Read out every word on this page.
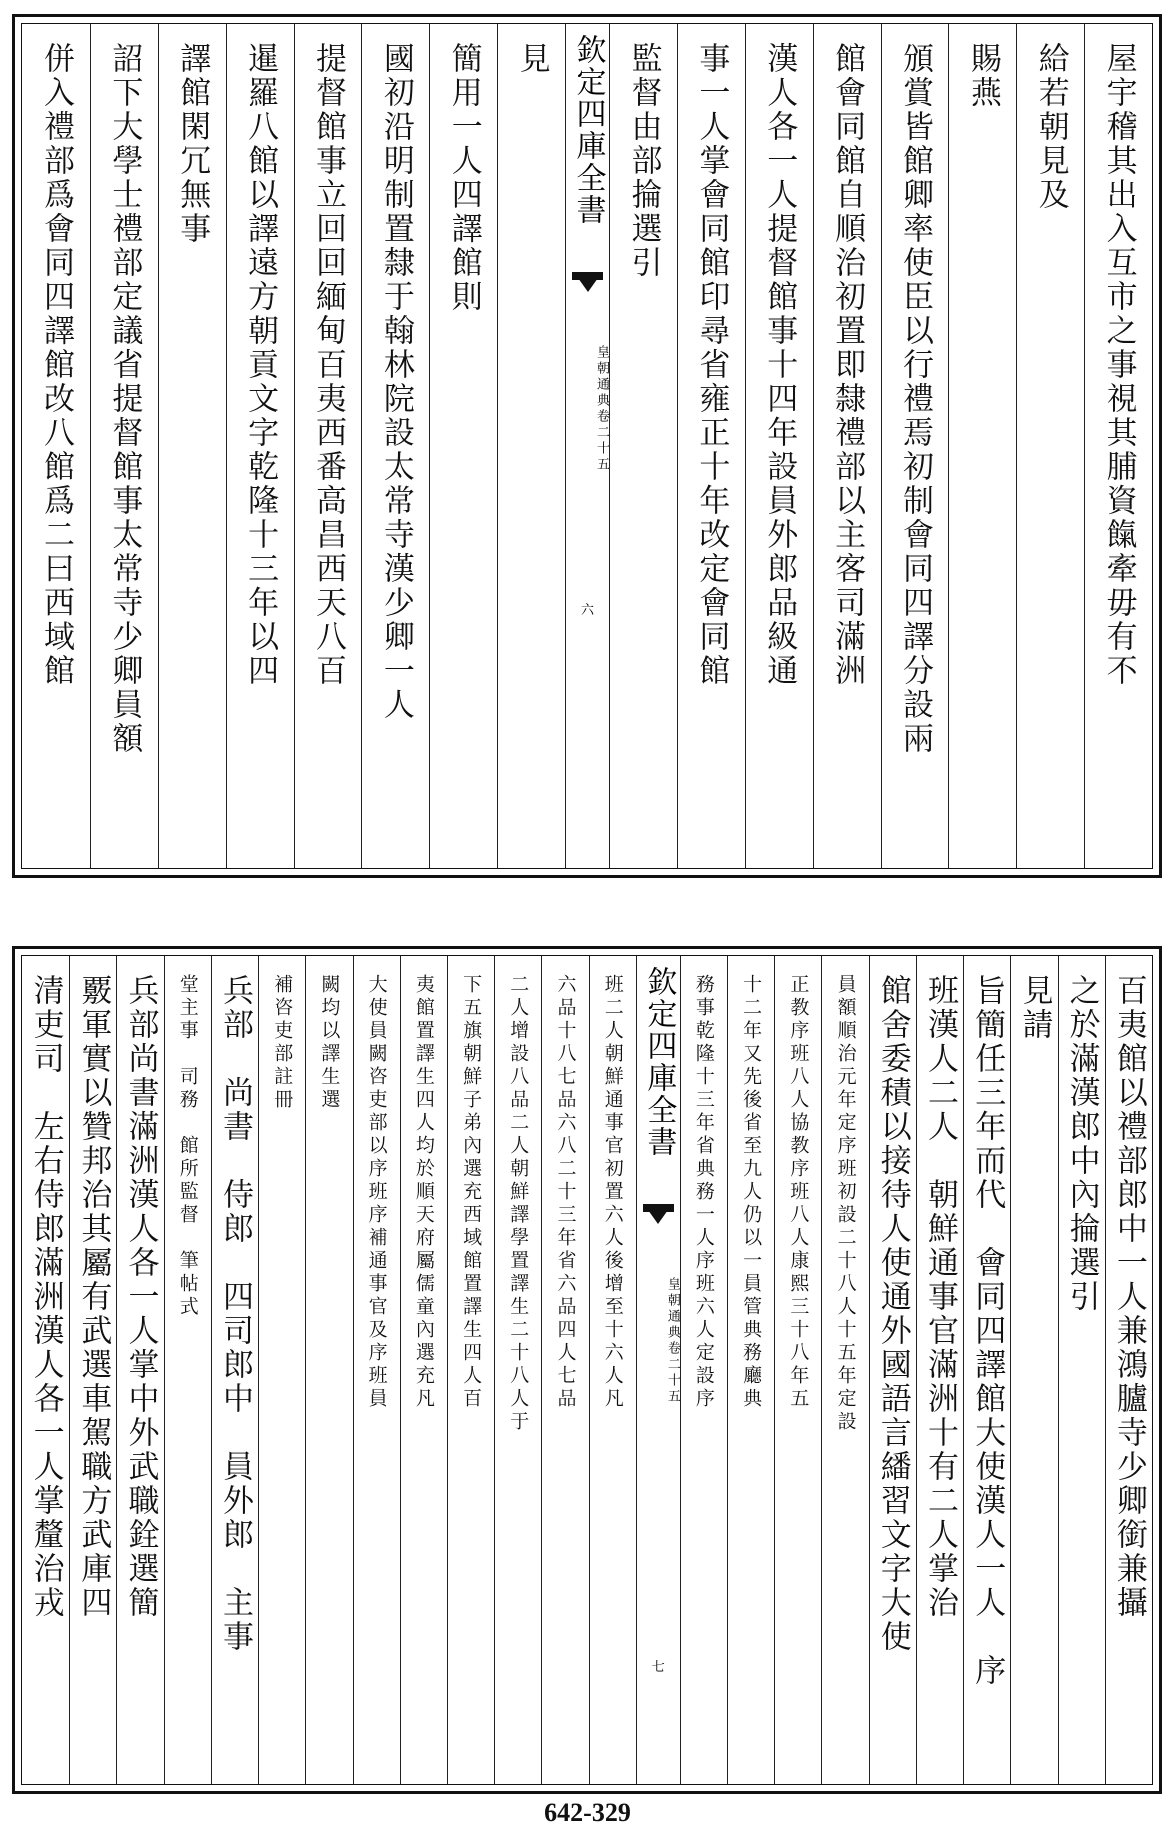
併入禮部爲會同四譯館改八館爲二曰西域館 詔下大學士禮部定議省提督館事太常寺少卿員額 譯館閑冗無事 暹羅八館以譯遠方朝貢文字乾隆十三年以四 提督館事立回回緬甸百夷西番高昌西天八百 國初沿明制置隸于翰林院設太常寺漢少卿一人 簡用一人四譯館則 見 欽定四庫全書
皇朝通典
卷二十五
六
監督由部掄選引 事一人掌會同館印尋省雍正十年改定會同館 漢人各一人提督館事十四年設員外郎品級通 館會同館自順治初置即隸禮部以主客司滿洲 頒賞皆館卿率使臣以行禮焉初制會同四譯分設兩 賜燕 給若朝見及 屋宇稽其出入互市之事視其脯資餼牽毋有不
清吏司　左右侍郎滿洲漢人各一人掌釐治戎 覈軍實以贊邦治其屬有武選車駕職方武庫四 兵部尚書滿洲漢人各一人掌中外武職銓選簡 堂主事　司務　館所監督　筆帖式 兵部　尚書　侍郎　四司郎中　員外郎　主事 補咨吏部註冊 闕均以譯生選 大使員闕咨吏部以序班序補通事官及序班員 夷館置譯生四人均於順天府屬儒童內選充凡 下五旗朝鮮子弟內選充西域館置譯生四人百 二人增設八品二人朝鮮譯學置譯生二十八人于 六品十八七品六八二十三年省六品四人七品 班二人朝鮮通事官初置六人後增至十六人凡 欽定四庫全書
皇朝通典
卷二十五
七
務事乾隆十三年省典務一人序班六人定設序 十二年又先後省至九人仍以一員管典務廳典 正教序班八人協教序班八人康熙三十八年五 員額順治元年定序班初設二十八人十五年定設 館舍委積以接待人使通外國語言繙習文字大使 班漢人二人　朝鮮通事官滿洲十有二人掌治 旨簡任三年而代　會同四譯館大使漢人一人　序 見請 之於滿漢郎中內掄選引 百夷館以禮部郎中一人兼鴻臚寺少卿銜兼攝
642-329
